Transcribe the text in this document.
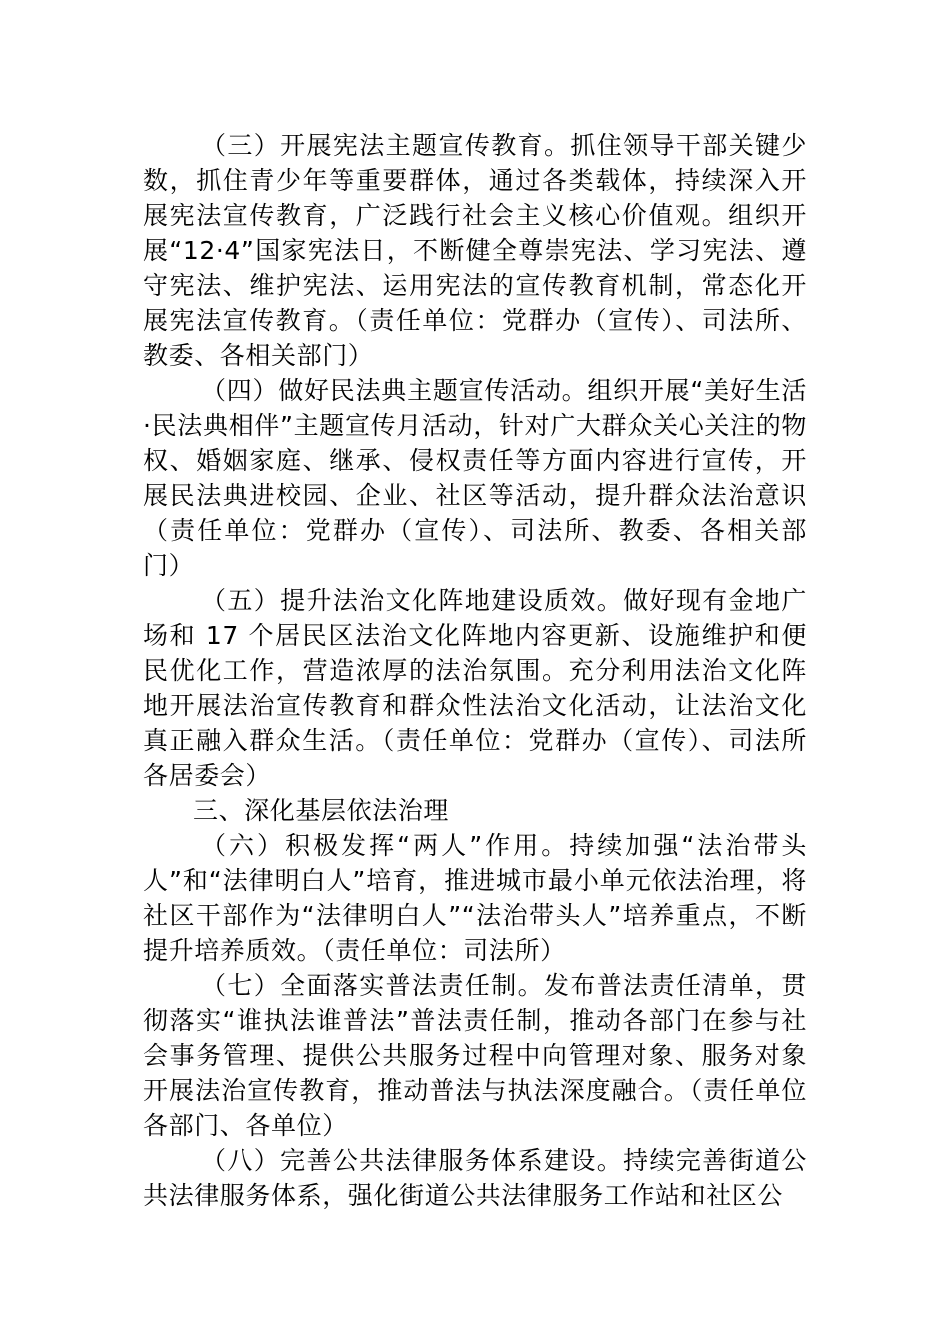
（三）开展宪法主题宣传教育。抓住领导干部关键少数，抓住青少年等重要群体，通过各类载体，持续深入开展宪法宣传教育，广泛践行社会主义核心价值观。组织开展“12·4”国家宪法日，不断健全尊崇宪法、学习宪法、遵守宪法、维护宪法、运用宪法的宣传教育机制，常态化开展宪法宣传教育。（责任单位：党群办（宣传）、司法所、教委、各相关部门）

（四）做好民法典主题宣传活动。组织开展“美好生活·民法典相伴”主题宣传月活动，针对广大群众关心关注的物权、婚姻家庭、继承、侵权责任等方面内容进行宣传，开展民法典进校园、企业、社区等活动，提升群众法治意识（责任单位：党群办（宣传）、司法所、教委、各相关部门）

（五）提升法治文化阵地建设质效。做好现有金地广场和 17 个居民区法治文化阵地内容更新、设施维护和便民优化工作，营造浓厚的法治氛围。充分利用法治文化阵地开展法治宣传教育和群众性法治文化活动，让法治文化真正融入群众生活。（责任单位：党群办（宣传）、司法所各居委会）

三、深化基层依法治理

（六）积极发挥“两人”作用。持续加强“法治带头人”和“法律明白人”培育，推进城市最小单元依法治理，将社区干部作为“法律明白人”“法治带头人”培养重点，不断提升培养质效。（责任单位：司法所）

（七）全面落实普法责任制。发布普法责任清单，贯彻落实“谁执法谁普法”普法责任制，推动各部门在参与社会事务管理、提供公共服务过程中向管理对象、服务对象开展法治宣传教育，推动普法与执法深度融合。（责任单位各部门、各单位）

（八）完善公共法律服务体系建设。持续完善街道公共法律服务体系，强化街道公共法律服务工作站和社区公
